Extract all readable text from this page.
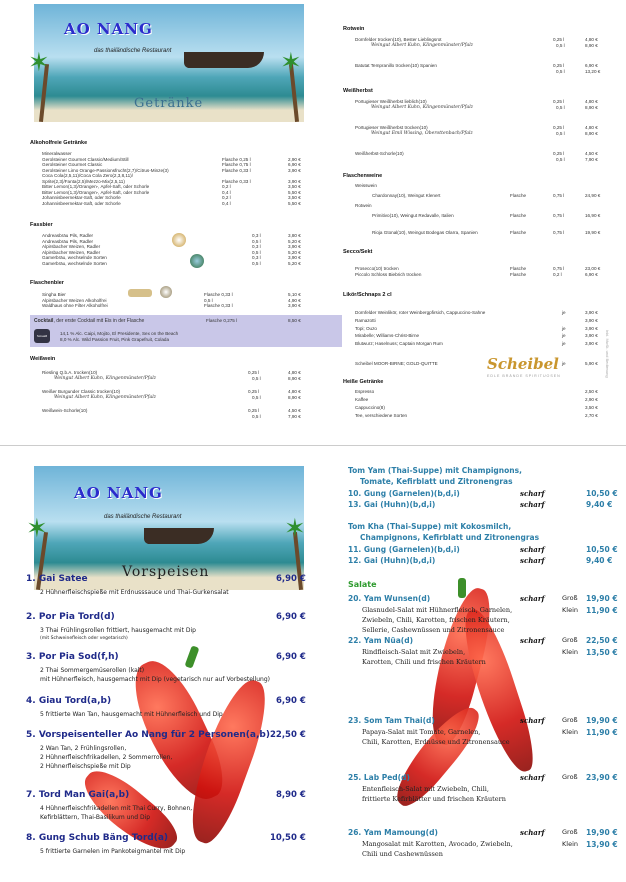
AO NANG
das thailändische Restaurant
✶	✶
Getränke
Alkoholfreie Getränke
Mineralwasser
Gerolsteiner Gourmet Classic/Medium/Still	Flasche 0,25 l	2,90 €
Gerolsteiner Gourmet Classic	Flasche 0,75 l	6,90 €
Gerolsteiner Limo Orange-Passionsfrucht(2,7)/Citrus-Minze(3)	Flasche 0,33 l	3,90 €
Coca Cola(2,5,11)/Coca Cola Zero(2,3,8,11)/
Sprite(2,3)/Fanta(2,5)/Mezzo-Mix(2,5,11)	Flasche 0,33 l	3,90 €
Bitter Lemon(1,3)/Orangen-, Apfel-Saft, oder Schorle	0,2 l	3,50 €
Bitter Lemon(1,3)/Orangen-, Apfel-Saft, oder Schorle	0,4 l	5,50 €
Johannisbeernektar-Saft, oder Schorle	0,2 l	3,50 €
Johannisbeernektar-Saft, oder Schorle	0,4 l	5,50 €
Fassbier
Andreasbräu Pils, Radler	0,3 l	3,80 €
Andreasbräu Pils, Radler	0,5 l	5,20 €
Alpirsbacher Weizen, Radler	0,3 l	3,90 €
Alpirsbacher Weizen, Radler	0,5 l	5,20 €
Gamerbräu, wechselnde Sorten	0,3 l	3,90 €
Gamerbräu, wechselnde Sorten	0,5 l	5,20 €
Flaschenbier
Singha Bier	Flasche 0,33 l	5,10 €
Alpirsbacher Weizen Alkoholfrei	0,5 l	4,90 €
Waldhaus ohne Filter Alkoholfrei	Flasche 0,33 l	3,90 €
Weißwein
Riesling Q.b.A. trocken(10)	0,25 l	4,80 €
Weingut Albert Kuhn, Klingenmünster/Pfalz	0,5 l	8,90 €
Weißer Burgunder Classic trocken(10)	0,25 l	4,80 €
Weingut Albert Kuhn, Klingenmünster/Pfalz	0,5 l	8,90 €
Weißwein-Schorle(10)	0,25 l	4,50 €
0,5 l	7,90 €
Rotwein
Dornfelder trocken(10), Bester Lieblingsrot	0,25 l	4,80 €
Weingut Albert Kuhn, Klingenmünster/Pfalz	0,5 l	8,90 €
Batutat Tempranillo trocken(10) Spanien	0,25 l	6,90 €
0,5 l	13,20 €
Weißherbst
Portugieser Weißherbst lieblich(10)	0,25 l	4,80 €
Weingut Albert Kuhn, Klingenmünster/Pfalz	0,5 l	8,90 €
Portugieser Weißherbst trocken(10)	0,25 l	4,80 €
Weingut Emil Wissing, Oberottenbach/Pfalz	0,5 l	8,90 €
Weißherbst-Schorle(10)	0,25 l	4,50 €
0,5 l	7,90 €
Flaschenweine
Weisswein
Chardonnay(10), Weingut Klenert	Flasche	0,75 l	24,90 €
Rotwein
Primitivo(10), Weingut Redavalle, Italien	Flasche	0,75 l	16,90 €
Rioja Gtonal(10), Weingut Bodegas Olarra, Spanien	Flasche	0,75 l	19,90 €
Secco/Sekt
Prosecco(10) trocken	Flasche	0,75 l	23,00 €
Piccolo Schloss Biebrich trocken	Flasche	0,2 l	6,90 €
Likör/Schnaps 2 cl
Dornfelder Weinlikör, roter Weinbergpfirsich, Cappuccino-Sahne	je	3,90 €
Ramazotti	3,90 €
Topi; Ouzo	je	3,90 €
Mirabelle; Williams-Christ-Birne	je	3,90 €
Blutwurz; Haselnuss; Captain Morgan Rum	je	3,90 €
Scheibel MOOR-BIRNE; GOLD-QUITTE	je	5,90 €
Heiße Getränke
Espresso	2,50 €
Kaffee	2,90 €
Cappuccino(8)	3,50 €
Tee, verschiedene Sorten	2,70 €
Cocktail, der erste Cocktail mit Eis in der Flasche	Flasche 0,275 l	8,50 €
ScreaM	14,1 % Alc. Caipi, Mojito, El Presidente, Sex on the Beach
8,0 % Alc. Wild Passion Fruit, Pink Grapefruit, Colada
Scheibel
EDLE BRÄNDE SPIRITUOSEN	Inkl. MwSt. und Bedienung
AO NANG
das thailändische Restaurant
✶	✶
Vorspeisen
1. Gai Satee	6,90 €
2 Hühnerfleischspieße mit Erdnusssauce und Thai-Gurkensalat
2. Por Pia Tord(d)	6,90 €
3 Thai Frühlingsrollen frittiert, hausgemacht mit Dip
(mit Schweinefleisch oder vegetarisch)
3. Por Pia Sod(f,h)	6,90 €
2 Thai Sommergemüserollen (kalt)
mit Hühnerfleisch, hausgemacht mit Dip (vegetarisch nur auf Vorbestellung)
4. Giau Tord(a,b)	6,90 €
5 frittierte Wan Tan, hausgemacht mit Hühnerfleisch und Dip
5. Vorspeisenteller Ao Nang für 2 Personen(a,b) 22,50 €
2 Wan Tan, 2 Frühlingsrollen,
2 Hühnerfleischfrikadellen, 2 Sommerrollen,
2 Hühnerfleischspieße mit Dip
7. Tord Man Gai(a,b)	8,90 €
4 Hühnerfleischfrikadellen mit Thai Curry, Bohnen,
Kefirblättern, Thai-Basilikum und Dip
8. Gung Schub Bäng Tord(a)	10,50 €
5 frittierte Garnelen im Pankoteigmantel mit Dip
Tom Yam (Thai-Suppe) mit Champignons,
Tomate, Kefirblatt und Zitronengras
10. Gung (Garnelen)(b,d,i)	scharf	10,50 €
13. Gai (Huhn)(b,d,i)	scharf	9,40 €
Tom Kha (Thai-Suppe) mit Kokosmilch,
Champignons, Kefirblatt und Zitronengras
11. Gung (Garnelen)(b,d,i)	scharf	10,50 €
12. Gai (Huhn)(b,d,i)	scharf	9,40 €
Salate
20. Yam Wunsen(d)	scharf	Groß 19,90 €
Klein 11,90 €
Glasnudel-Salat mit Hühnerfleisch, Garnelen,
Zwiebeln, Chili, Karotten, frischen Kräutern,
Sellerie, Cashewnüssen und Zitronensauce
22. Yam Nüa(d)	scharf	Groß 22,50 €
Klein 13,50 €
Rindfleisch-Salat mit Zwiebeln,
Karotten, Chili und frischen Kräutern
23. Som Tam Thai(d)	scharf	Groß 19,90 €
Klein 11,90 €
Papaya-Salat mit Tomate, Garnelen,
Chili, Karotten, Erdnüsse und Zitronensauce
25. Lab Ped(d)	scharf	Groß 23,90 €
Entenfleisch-Salat mit Zwiebeln, Chili,
frittierte Kefirblätter und frischen Kräutern
26. Yam Mamoung(d)	scharf	Groß 19,90 €
Klein 13,90 €
Mangosalat mit Karotten, Avocado, Zwiebeln,
Chili und Cashewnüssen
